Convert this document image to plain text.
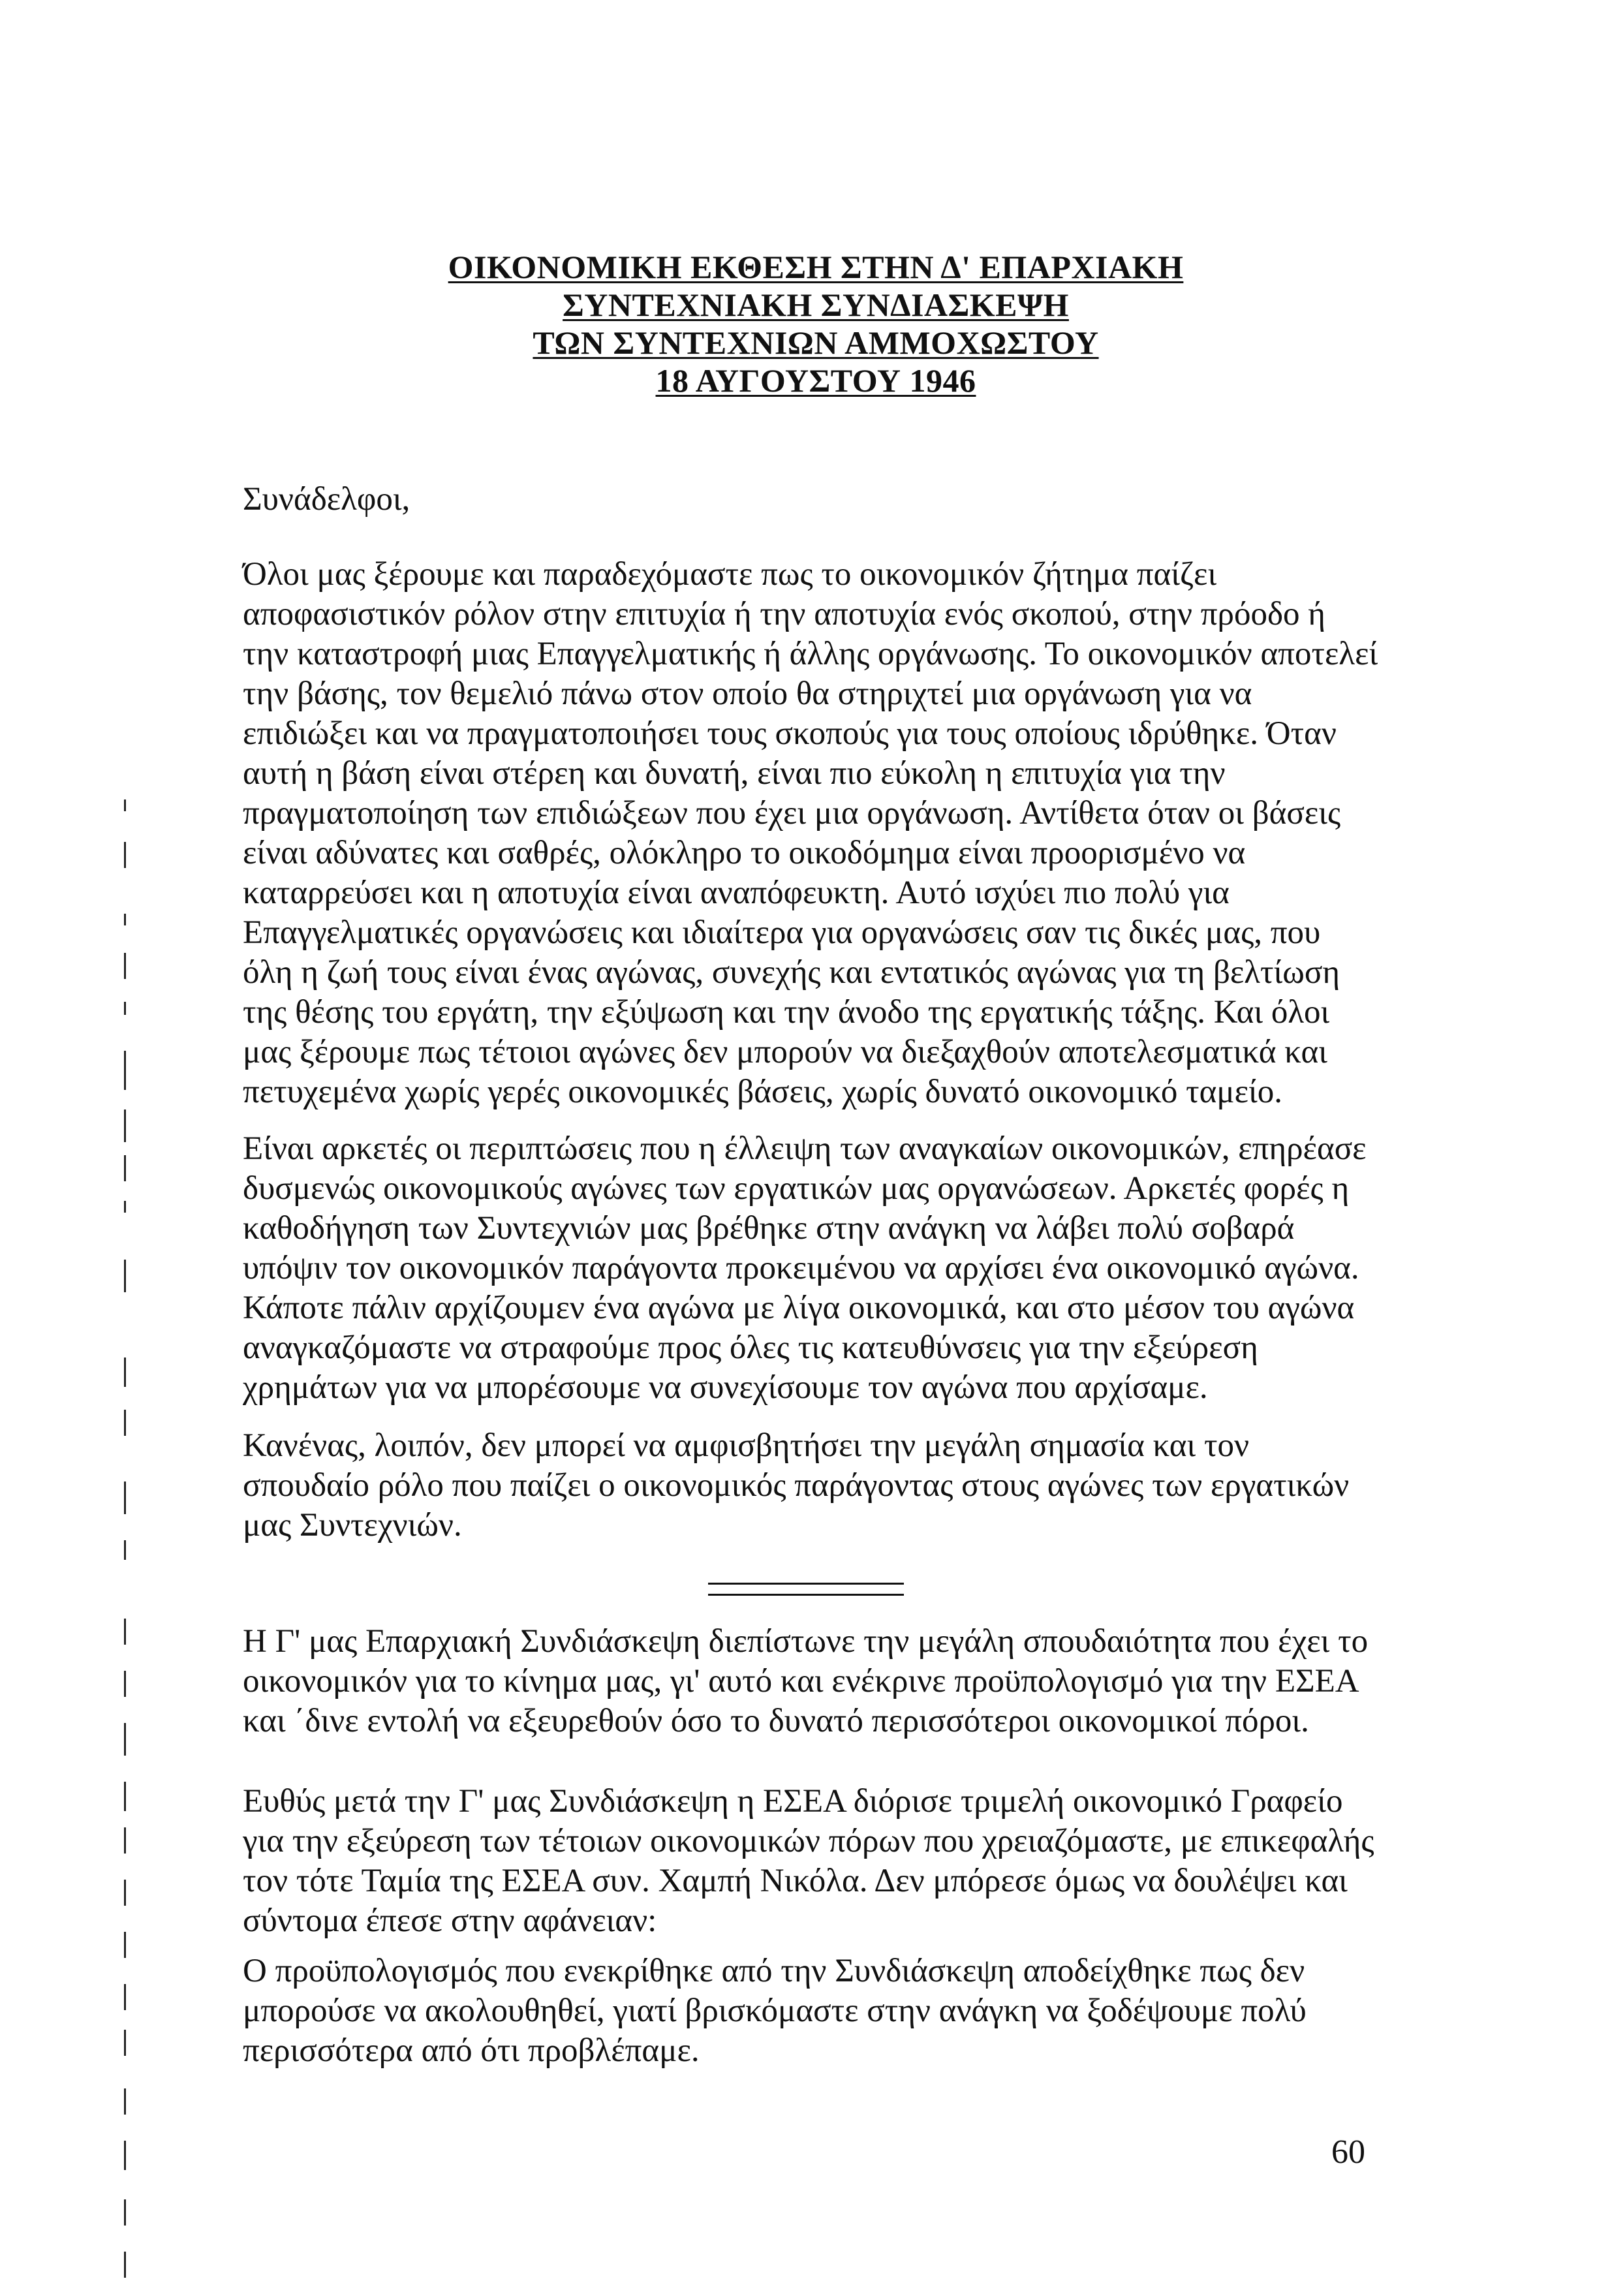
ΟΙΚΟΝΟΜΙΚΗ ΕΚΘΕΣΗ ΣΤΗΝ Δ' ΕΠΑΡΧΙΑΚΗ
ΣΥΝΤΕΧΝΙΑΚΗ ΣΥΝΔΙΑΣΚΕΨΗ
ΤΩΝ ΣΥΝΤΕΧΝΙΩΝ ΑΜΜΟΧΩΣΤΟΥ
18 ΑΥΓΟΥΣΤΟΥ 1946

Συνάδελφοι,

Όλοι μας ξέρουμε και παραδεχόμαστε πως το οικονομικόν ζήτημα παίζει αποφασιστικόν ρόλον στην επιτυχία ή την αποτυχία ενός σκοπού, στην πρόοδο ή την καταστροφή μιας Επαγγελματικής ή άλλης οργάνωσης. Το οικονομικόν αποτελεί την βάσης, τον θεμελιό πάνω στον οποίο θα στηριχτεί μια οργάνωση για να επιδιώξει και να πραγματοποιήσει τους σκοπούς για τους οποίους ιδρύθηκε. Όταν αυτή η βάση είναι στέρεη και δυνατή, είναι πιο εύκολη η επιτυχία για την πραγματοποίηση των επιδιώξεων που έχει μια οργάνωση. Αντίθετα όταν οι βάσεις είναι αδύνατες και σαθρές, ολόκληρο το οικοδόμημα είναι προορισμένο να καταρρεύσει και η αποτυχία είναι αναπόφευκτη. Αυτό ισχύει πιο πολύ για Επαγγελματικές οργανώσεις και ιδιαίτερα για οργανώσεις σαν τις δικές μας, που όλη η ζωή τους είναι ένας αγώνας, συνεχής και εντατικός αγώνας για τη βελτίωση της θέσης του εργάτη, την εξύψωση και την άνοδο της εργατικής τάξης. Και όλοι μας ξέρουμε πως τέτοιοι αγώνες δεν μπορούν να διεξαχθούν αποτελεσματικά και πετυχεμένα χωρίς γερές οικονομικές βάσεις, χωρίς δυνατό οικονομικό ταμείο.

Είναι αρκετές οι περιπτώσεις που η έλλειψη των αναγκαίων οικονομικών, επηρέασε δυσμενώς οικονομικούς αγώνες των εργατικών μας οργανώσεων. Αρκετές φορές η καθοδήγηση των Συντεχνιών μας βρέθηκε στην ανάγκη να λάβει πολύ σοβαρά υπόψιν τον οικονομικόν παράγοντα προκειμένου να αρχίσει ένα οικονομικό αγώνα. Κάποτε πάλιν αρχίζουμεν ένα αγώνα με λίγα οικονομικά, και στο μέσον του αγώνα αναγκαζόμαστε να στραφούμε προς όλες τις κατευθύνσεις για την εξεύρεση χρημάτων για να μπορέσουμε να συνεχίσουμε τον αγώνα που αρχίσαμε.

Κανένας, λοιπόν, δεν μπορεί να αμφισβητήσει την μεγάλη σημασία και τον σπουδαίο ρόλο που παίζει ο οικονομικός παράγοντας στους αγώνες των εργατικών μας Συντεχνιών.

Η Γ' μας Επαρχιακή Συνδιάσκεψη διεπίστωνε την μεγάλη σπουδαιότητα που έχει το οικονομικόν για το κίνημα μας, γι' αυτό και ενέκρινε προϋπολογισμό για την ΕΣΕΑ και ΄δινε εντολή να εξευρεθούν όσο το δυνατό περισσότεροι οικονομικοί πόροι.

Ευθύς μετά την Γ' μας Συνδιάσκεψη η ΕΣΕΑ διόρισε τριμελή οικονομικό Γραφείο για την εξεύρεση των τέτοιων οικονομικών πόρων που χρειαζόμαστε, με επικεφαλής τον τότε Ταμία της ΕΣΕΑ συν. Χαμπή Νικόλα. Δεν μπόρεσε όμως να δουλέψει και σύντομα έπεσε στην αφάνειαν:

Ο προϋπολογισμός που ενεκρίθηκε από την Συνδιάσκεψη αποδείχθηκε πως δεν μπορούσε να ακολουθηθεί, γιατί βρισκόμαστε στην ανάγκη να ξοδέψουμε πολύ περισσότερα από ότι προβλέπαμε.

60
